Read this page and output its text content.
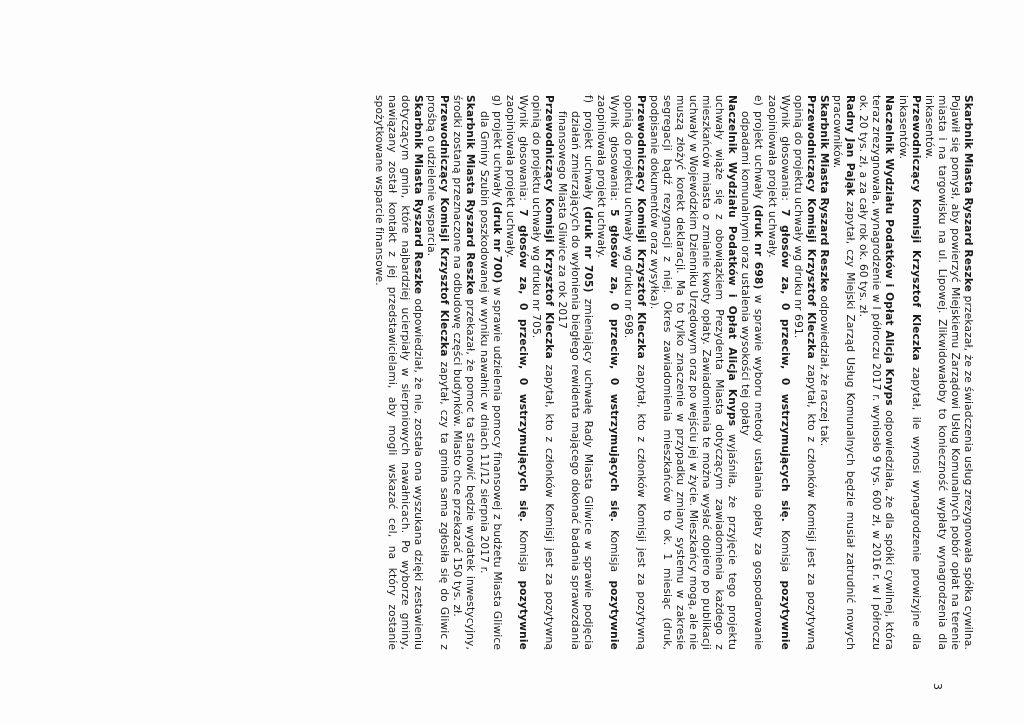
Skarbnik Miasta Ryszard Reszke przekazał, że ze świadczenia usług zrezygnowała spółka cywilna. Pojawił się pomysł, aby powierzyć Miejskiemu Zarządowi Usług Komunalnych pobór opłat na terenie miasta i na targowisku na ul. Lipowej. Zlikwidowałoby to konieczność wypłaty wynagrodzenia dla inkasentów.

Przewodniczący Komisji Krzysztof Kleczka zapytał, ile wynosi wynagrodzenie prowizyjne dla inkasentów.

Naczelnik Wydziału Podatków i Opłat Alicja Knyps odpowiedziała, że dla spółki cywilnej, która teraz zrezygnowała, wynagrodzenie w I półroczu 2017 r. wyniosło 9 tys. 600 zł, w 2016 r. w I półroczu ok. 20 tys. zł, a za cały rok ok. 60 tys. zł.

Radny Jan Pająk zapytał, czy Miejski Zarząd Usług Komunalnych będzie musiał zatrudnić nowych pracowników.

Skarbnik Miasta Ryszard Reszke odpowiedział, że raczej tak.

Przewodniczący Komisji Krzysztof Kleczka zapytał, kto z członków Komisji jest za pozytywną opinią do projektu uchwały wg druku nr 691.

Wynik głosowania: 7 głosów za, 0 przeciw, 0 wstrzymujących się. Komisja pozytywnie zaopiniowała projekt uchwały.

e)
projekt uchwały (druk nr 698) w sprawie wyboru metody ustalania opłaty za gospodarowanie odpadami komunalnymi oraz ustalenia wysokości tej opłaty

Naczelnik Wydziału Podatków i Opłat Alicja Knyps wyjaśniła, że przyjęcie tego projektu uchwały wiąże się z obowiązkiem Prezydenta Miasta dotyczącym zawiadomienia każdego z mieszkańców miasta o zmianie kwoty opłaty. Zawiadomienia te można wysłać dopiero po publikacji uchwały w Wojewódzkim Dzienniku Urzędowym oraz po wejściu jej w życie. Mieszkańcy mogą, ale nie muszą złożyć korekt deklaracji. Ma to tylko znaczenie w przypadku zmiany systemu w zakresie segregacji bądź rezygnacji z niej. Okres zawiadomienia mieszkańców to ok. 1 miesiąc (druk, podpisanie dokumentów oraz wysyłka).

Przewodniczący Komisji Krzysztof Kleczka zapytał, kto z członków Komisji jest za pozytywną opinią do projektu uchwały wg druku nr 698.

Wynik głosowania: 5 głosów za, 0 przeciw, 0 wstrzymujących się. Komisja pozytywnie zaopiniowała projekt uchwały.

f)
projekt uchwały (druk nr 705) zmieniający uchwałę Rady Miasta Gliwice w sprawie podjęcia działań zmierzających do wyłonienia biegłego rewidenta mającego dokonać badania sprawozdania finansowego Miasta Gliwice za rok 2017

Przewodniczący Komisji Krzysztof Kleczka zapytał, kto z członków Komisji jest za pozytywną opinią do projektu uchwały wg druku nr 705.

Wynik głosowania: 7 głosów za, 0 przeciw, 0 wstrzymujących się. Komisja pozytywnie zaopiniowała projekt uchwały.

g)
projekt uchwały (druk nr 700) w sprawie udzielenia pomocy finansowej z budżetu Miasta Gliwice dla Gminy Szubin poszkodowanej w wyniku nawałnic w dniach 11/12 sierpnia 2017 r.

Skarbnik Miasta Ryszard Reszke przekazał, że pomoc ta stanowić będzie wydatek inwestycyjny, środki zostaną przeznaczone na odbudowę części budynków. Miasto chce przekazać 150 tys. zł.

Przewodniczący Komisji Krzysztof Kleczka zapytał, czy ta gmina sama zgłosiła się do Gliwic z prośbą o udzielenie wsparcia.

Skarbnik Miasta Ryszard Reszke odpowiedział, że nie, została ona wyszukana dzięki zestawieniu dotyczącym gmin, które najbardziej ucierpiały w sierpniowych nawałnicach. Po wyborze gminy, nawiązany został kontakt z jej przedstawicielami, aby mogli wskazać cel, na który zostanie spożytkowane wsparcie finansowe.

3
